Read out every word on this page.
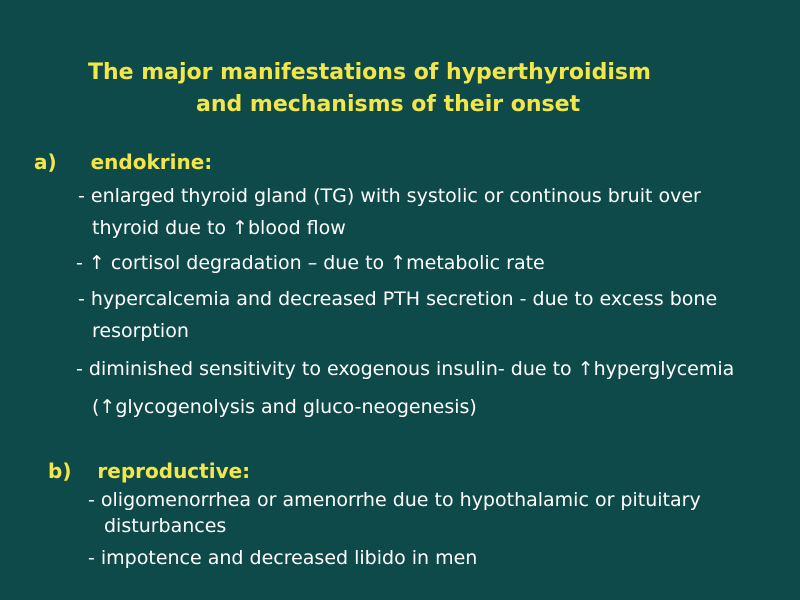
The major manifestations of hyperthyroidism
and mechanisms of their onset
a) endokrine:
- enlarged thyroid gland (TG) with systolic or continous bruit over
thyroid due to ↑blood flow
- ↑ cortisol degradation – due to ↑metabolic rate
- hypercalcemia and decreased PTH secretion - due to excess bone
resorption
- diminished sensitivity to exogenous insulin- due to ↑hyperglycemia
(↑glycogenolysis and gluco-neogenesis)
b) reproductive:
- oligomenorrhea or amenorrhe due to hypothalamic or pituitary
disturbances
- impotence and decreased libido in men
